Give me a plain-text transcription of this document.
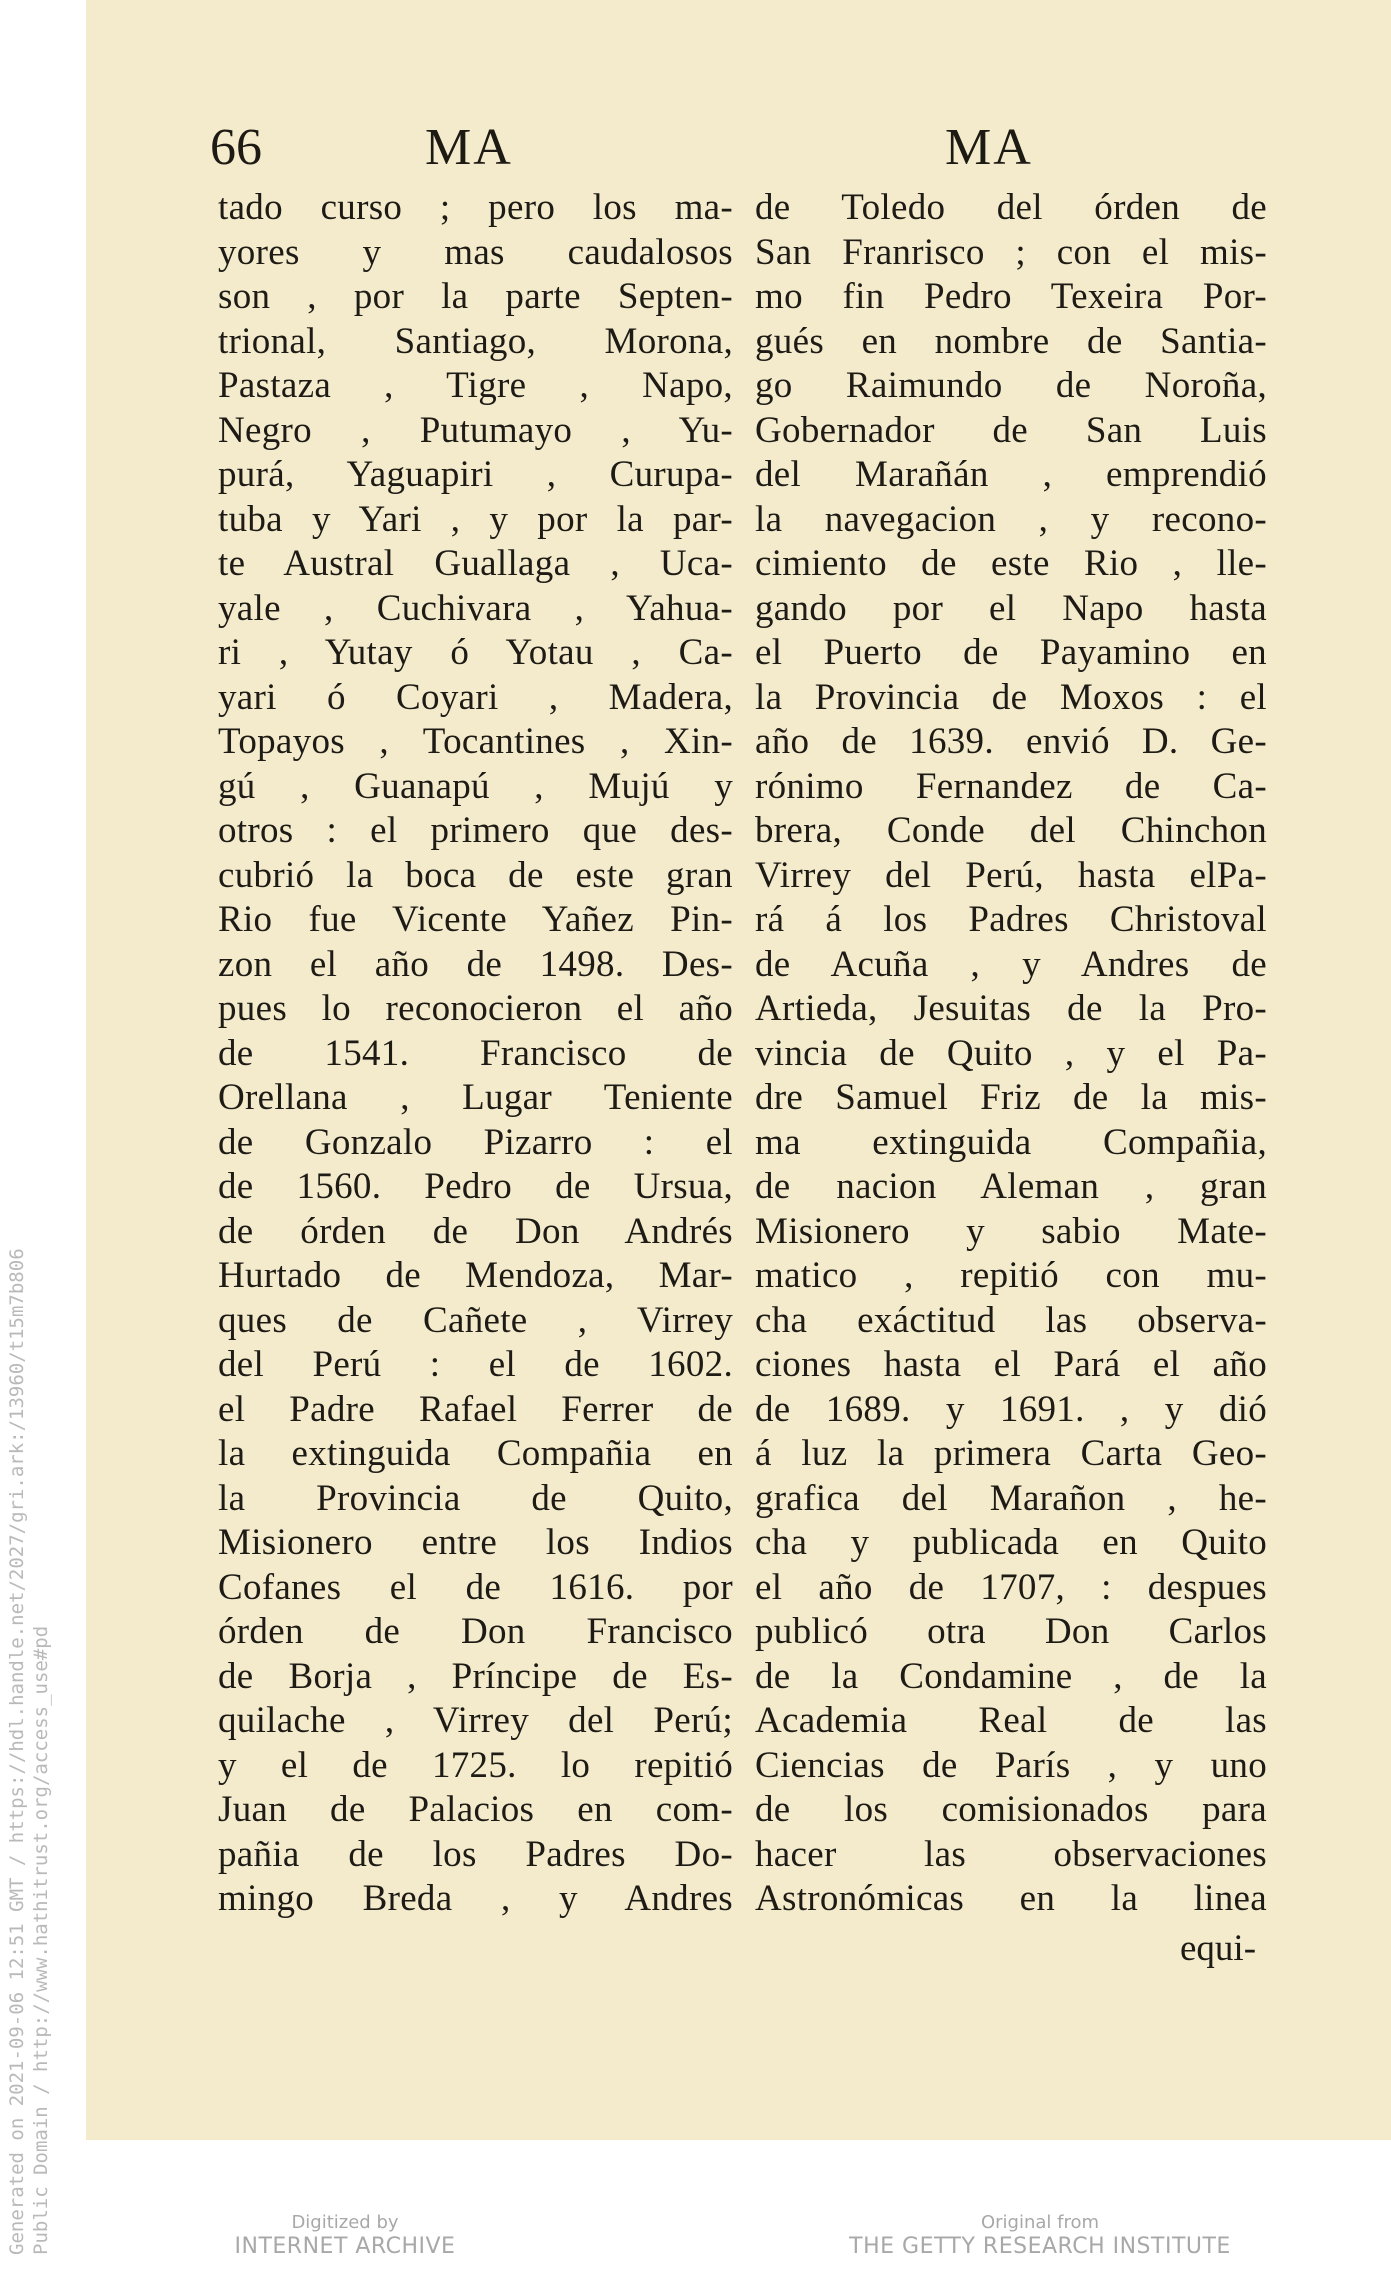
66	MA	MA
tado curso ; pero los ma-
yores y mas caudalosos
son , por la parte Septen-
trional, Santiago, Morona,
Pastaza , Tigre , Napo,
Negro , Putumayo , Yu-
purá, Yaguapiri , Curupa-
tuba y Yari , y por la par-
te Austral Guallaga , Uca-
yale , Cuchivara , Yahua-
ri , Yutay ó Yotau , Ca-
yari ó Coyari , Madera,
Topayos , Tocantines , Xin-
gú , Guanapú , Mujú y
otros : el primero que des-
cubrió la boca de este gran
Rio fue Vicente Yañez Pin-
zon el año de 1498. Des-
pues lo reconocieron el año
de 1541. Francisco de
Orellana , Lugar Teniente
de Gonzalo Pizarro : el
de 1560. Pedro de Ursua,
de órden de Don Andrés
Hurtado de Mendoza, Mar-
ques de Cañete , Virrey
del Perú : el de 1602.
el Padre Rafael Ferrer de
la extinguida Compañia en
la Provincia de Quito,
Misionero entre los Indios
Cofanes el de 1616. por
órden de Don Francisco
de Borja , Príncipe de Es-
quilache , Virrey del Perú;
y el de 1725. lo repitió
Juan de Palacios en com-
pañia de los Padres Do-
mingo Breda , y Andres
de Toledo del órden de
San Franrisco ; con el mis-
mo fin Pedro Texeira Por-
gués en nombre de Santia-
go Raimundo de Noroña,
Gobernador de San Luis
del Marañán , emprendió
la navegacion , y recono-
cimiento de este Rio , lle-
gando por el Napo hasta
el Puerto de Payamino en
la Provincia de Moxos : el
año de 1639. envió D. Ge-
rónimo Fernandez de Ca-
brera, Conde del Chinchon
Virrey del Perú, hasta elPa-
rá á los Padres Christoval
de Acuña , y Andres de
Artieda, Jesuitas de la Pro-
vincia de Quito , y el Pa-
dre Samuel Friz de la mis-
ma extinguida Compañia,
de nacion Aleman , gran
Misionero y sabio Mate-
matico , repitió con mu-
cha exáctitud las observa-
ciones hasta el Pará el año
de 1689. y 1691. , y dió
á luz la primera Carta Geo-
grafica del Marañon , he-
cha y publicada en Quito
el año de 1707, : despues
publicó otra Don Carlos
de la Condamine , de la
Academia Real de las
Ciencias de París , y uno
de los comisionados para
hacer las observaciones
Astronómicas en la linea
equi-
Generated on 2021-09-06 12:51 GMT / https://hdl.handle.net/2027/gri.ark:/13960/t15m7b806 Public Domain / http://www.hathitrust.org/access_use#pd	Digitized by
INTERNET ARCHIVE
Original from
THE GETTY RESEARCH INSTITUTE
